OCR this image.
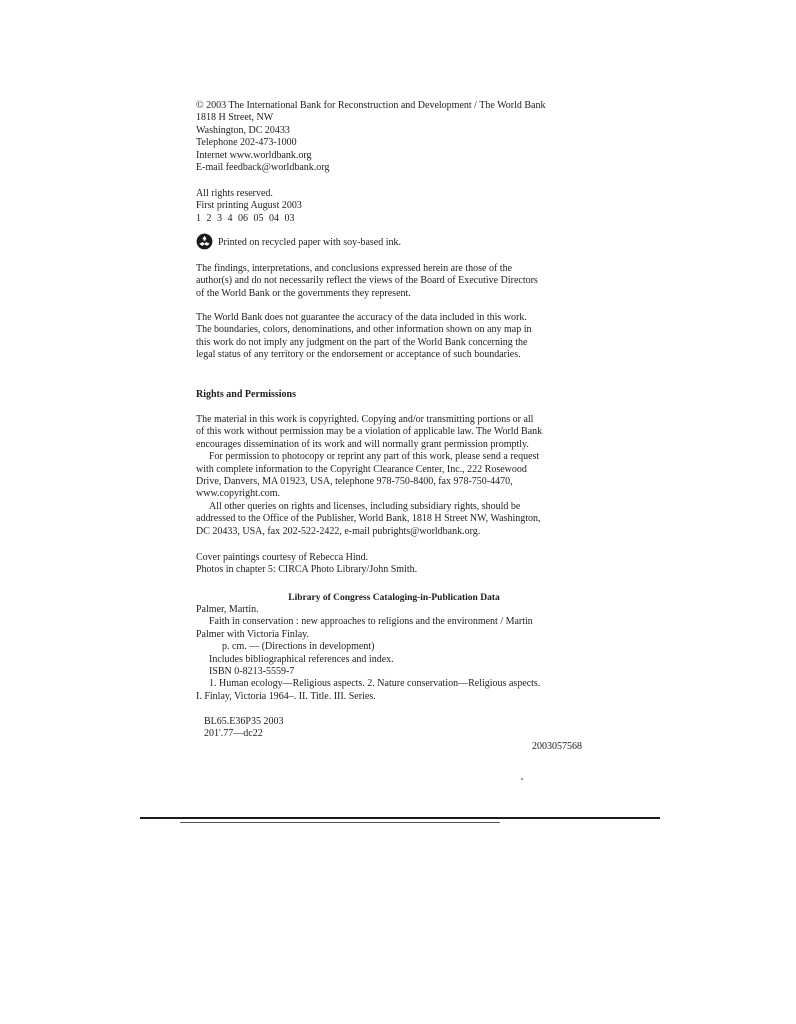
© 2003 The International Bank for Reconstruction and Development / The World Bank
1818 H Street, NW
Washington, DC 20433
Telephone 202-473-1000
Internet www.worldbank.org
E-mail feedback@worldbank.org
All rights reserved.
First printing August 2003
1 2 3 4 06 05 04 03
Printed on recycled paper with soy-based ink.
The findings, interpretations, and conclusions expressed herein are those of the
author(s) and do not necessarily reflect the views of the Board of Executive Directors
of the World Bank or the governments they represent.
The World Bank does not guarantee the accuracy of the data included in this work.
The boundaries, colors, denominations, and other information shown on any map in
this work do not imply any judgment on the part of the World Bank concerning the
legal status of any territory or the endorsement or acceptance of such boundaries.
Rights and Permissions
The material in this work is copyrighted. Copying and/or transmitting portions or all
of this work without permission may be a violation of applicable law. The World Bank
encourages dissemination of its work and will normally grant permission promptly.
For permission to photocopy or reprint any part of this work, please send a request
with complete information to the Copyright Clearance Center, Inc., 222 Rosewood
Drive, Danvers, MA 01923, USA, telephone 978-750-8400, fax 978-750-4470,
www.copyright.com.
All other queries on rights and licenses, including subsidiary rights, should be
addressed to the Office of the Publisher, World Bank, 1818 H Street NW, Washington,
DC 20433, USA, fax 202-522-2422, e-mail pubrights@worldbank.org.
Cover paintings courtesy of Rebecca Hind.
Photos in chapter 5: CIRCA Photo Library/John Smith.
Library of Congress Cataloging-in-Publication Data
Palmer, Martin.
Faith in conservation : new approaches to religions and the environment / Martin
Palmer with Victoria Finlay.
p. cm. — (Directions in development)
Includes bibliographical references and index.
ISBN 0-8213-5559-7
1. Human ecology—Religious aspects. 2. Nature conservation—Religious aspects.
I. Finlay, Victoria 1964–. II. Title. III. Series.
BL65.E36P35 2003
201'.77—dc22
2003057568
